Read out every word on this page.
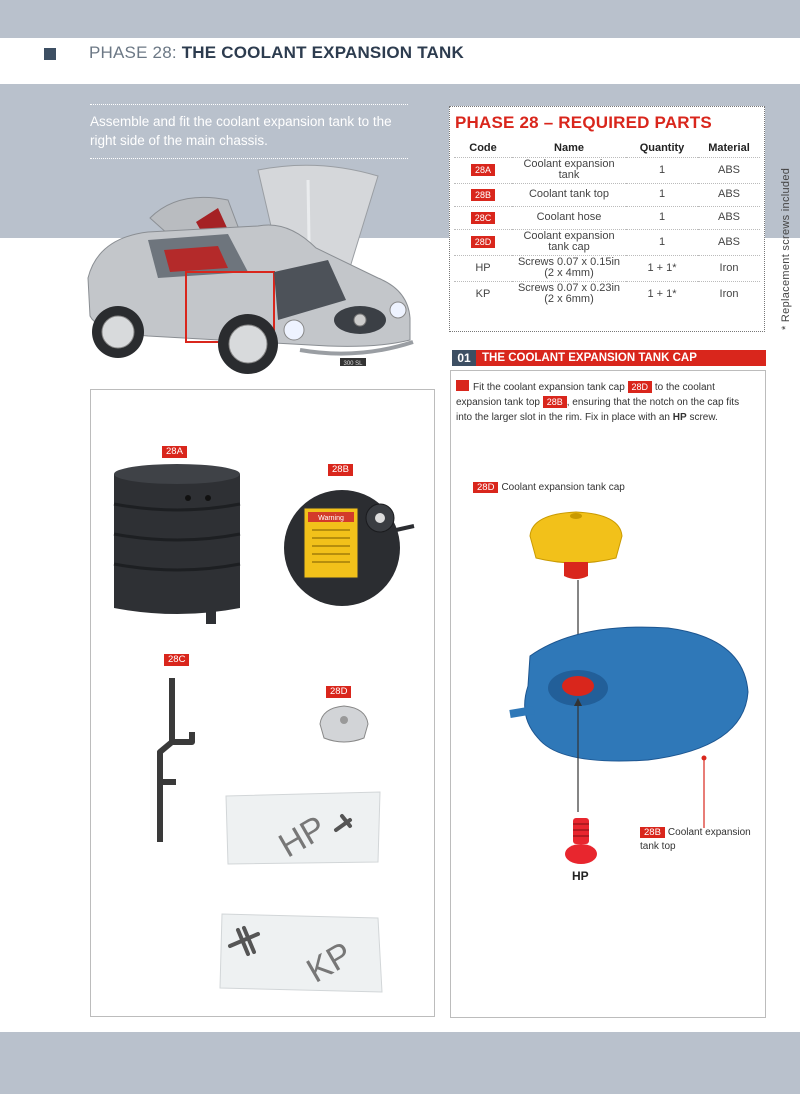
PHASE 28: THE COOLANT EXPANSION TANK
Assemble and fit the coolant expansion tank to the right side of the main chassis.
300 SL
PHASE 28 – REQUIRED PARTS
Code	Name	Quantity	Material
28A	Coolant expansion tank	1	ABS
28B	Coolant tank top	1	ABS
28C	Coolant hose	1	ABS
28D	Coolant expansion tank cap	1	ABS
HP	Screws 0.07 x 0.15in (2 x 4mm)	1 + 1*	Iron
KP	Screws 0.07 x 0.23in (2 x 6mm)	1 + 1*	Iron	* Replacement screws included
01 THE COOLANT EXPANSION TANK CAP
Fit the coolant expansion tank cap 28D to the coolant expansion tank top 28B , ensuring that the notch on the cap fits into the larger slot in the rim. Fix in place with an HP screw.
28A
28B
Warning
28C
28D
HP
KP
28D Coolant expansion tank cap
HP
28B Coolant expansion
tank top
